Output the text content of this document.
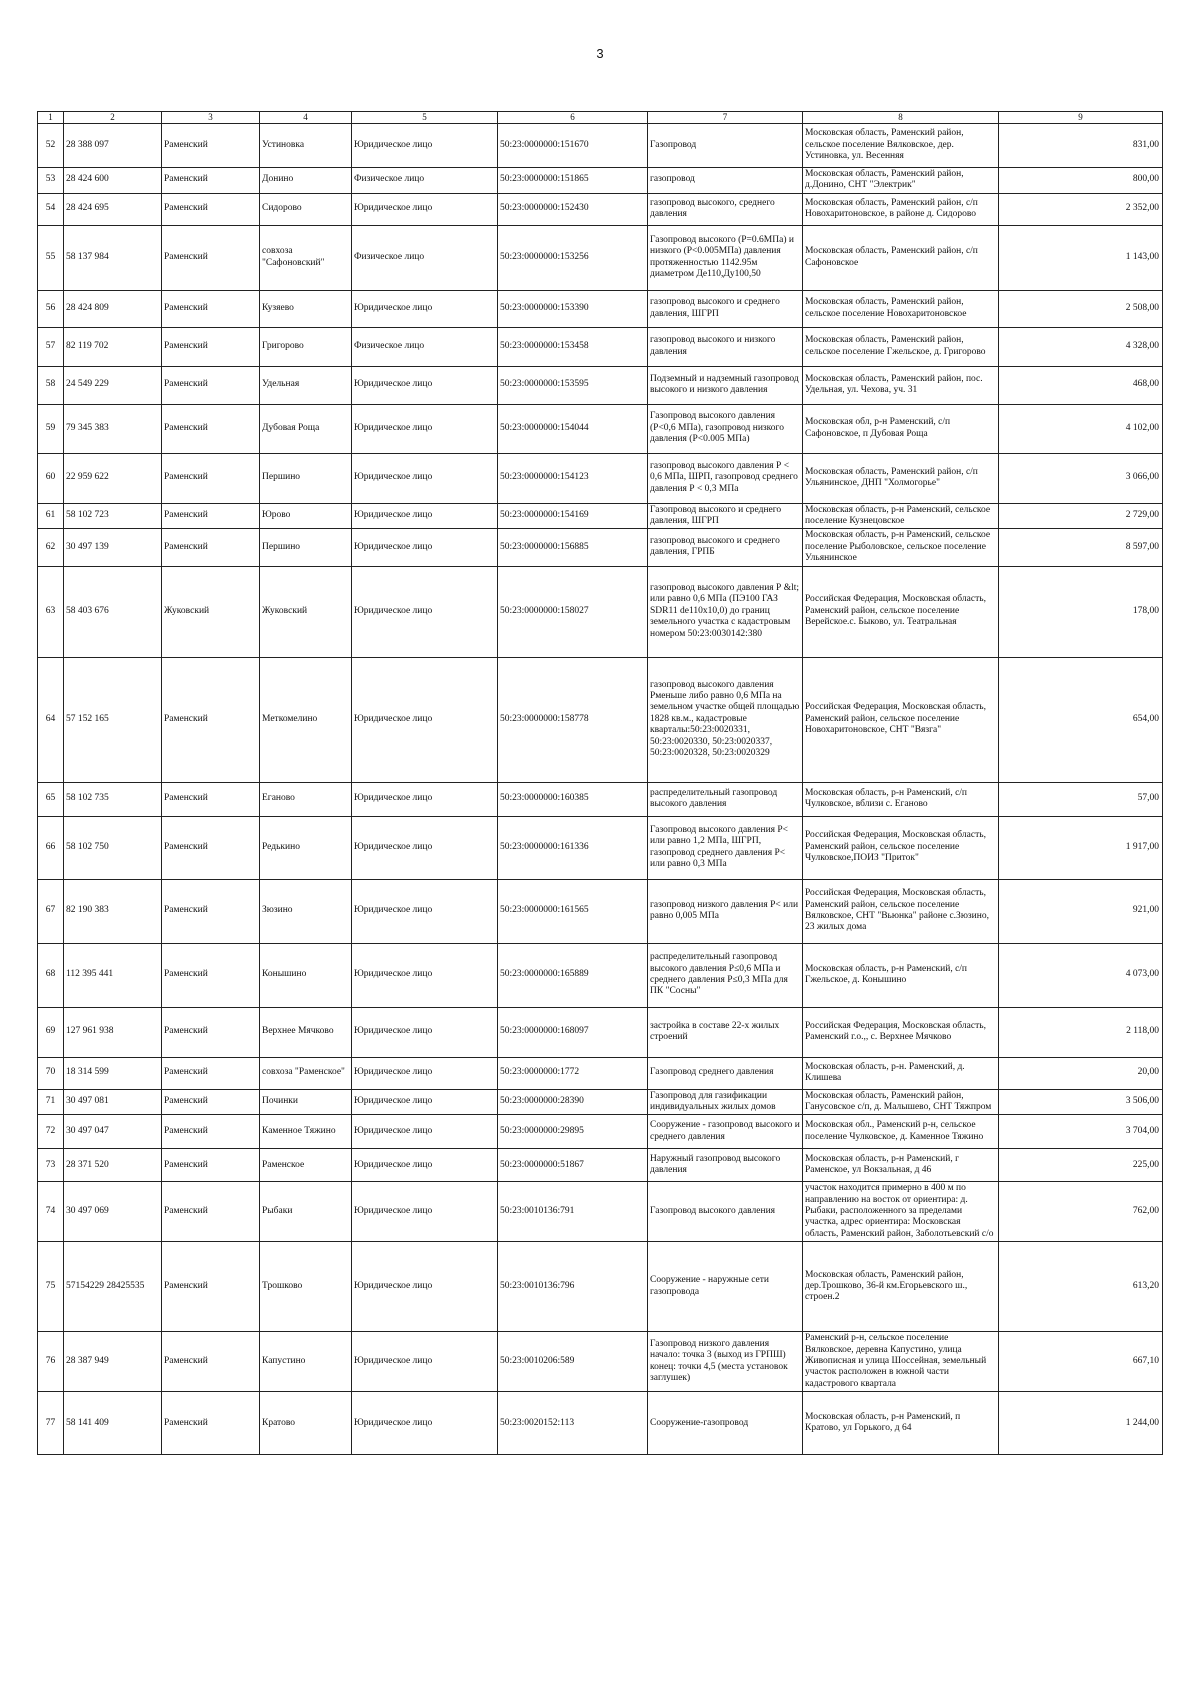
3
1	2	3	4	5	6	7	8	9
52	28 388 097	Раменский	Устиновка	Юридическое лицо	50:23:0000000:151670	Газопровод	Московская область, Раменский район, сельское поселение Вялковское, дер. Устиновка, ул. Весенняя	831,00
53	28 424 600	Раменский	Донино	Физическое лицо	50:23:0000000:151865	газопровод	Московская область, Раменский район, д.Донино, СНТ "Электрик"	800,00
54	28 424 695	Раменский	Сидорово	Юридическое лицо	50:23:0000000:152430	газопровод высокого, среднего давления	Московская область, Раменский район, с/п Новохаритоновское, в районе д. Сидорово	2 352,00
55	58 137 984	Раменский	совхоза "Сафоновский"	Физическое лицо	50:23:0000000:153256	Газопровод высокого (Р=0.6МПа) и низкого (Р<0.005МПа) давления протяженностью 1142.95м диаметром Де110,Ду100,50	Московская область, Раменский район, с/п Сафоновское	1 143,00
56	28 424 809	Раменский	Кузяево	Юридическое лицо	50:23:0000000:153390	газопровод высокого и среднего давления, ШГРП	Московская область, Раменский район, сельское поселение Новохаритоновское	2 508,00
57	82 119 702	Раменский	Григорово	Физическое лицо	50:23:0000000:153458	газопровод высокого и низкого давления	Московская область, Раменский район, сельское поселение Гжельское, д. Григорово	4 328,00
58	24 549 229	Раменский	Удельная	Юридическое лицо	50:23:0000000:153595	Подземный и надземный газопровод высокого и низкого давления	Московская область, Раменский район, пос. Удельная, ул. Чехова, уч. 31	468,00
59	79 345 383	Раменский	Дубовая Роща	Юридическое лицо	50:23:0000000:154044	Газопровод высокого давления (Р<0,6 МПа), газопровод низкого давления (Р<0.005 МПа)	Московская обл, р-н Раменский, с/п Сафоновское, п Дубовая Роща	4 102,00
60	22 959 622	Раменский	Першино	Юридическое лицо	50:23:0000000:154123	газопровод высокого давления Р < 0,6 МПа, ШРП, газопровод среднего давления Р < 0,3 МПа	Московская область, Раменский район, с/п Ульянинское, ДНП "Холмогорье"	3 066,00
61	58 102 723	Раменский	Юрово	Юридическое лицо	50:23:0000000:154169	Газопровод высокого и среднего давления, ШГРП	Московская область, р-н Раменский, сельское поселение Кузнецовское	2 729,00
62	30 497 139	Раменский	Першино	Юридическое лицо	50:23:0000000:156885	газопровод высокого и среднего давления, ГРПБ	Московская область, р-н Раменский, сельское поселение Рыболовское, сельское поселение Ульянинское	8 597,00
63	58 403 676	Жуковский	Жуковский	Юридическое лицо	50:23:0000000:158027	газопровод высокого давления Р &lt; или равно 0,6 МПа (ПЭ100 ГАЗ SDR11 de110x10,0) до границ земельного участка с кадастровым номером 50:23:0030142:380	Российская Федерация, Московская область, Раменский район, сельское поселение Верейское.с. Быково, ул. Театральная	178,00
64	57 152 165	Раменский	Меткомелино	Юридическое лицо	50:23:0000000:158778	газопровод высокого давления Рменьше либо равно 0,6 МПа на земельном участке общей площадью 1828 кв.м., кадастровые кварталы:50:23:0020331, 50:23:0020330, 50:23:0020337, 50:23:0020328, 50:23:0020329	Российская Федерация, Московская область, Раменский район, сельское поселение Новохаритоновское, СНТ "Вязга"	654,00
65	58 102 735	Раменский	Еганово	Юридическое лицо	50:23:0000000:160385	распределительный газопровод высокого давления	Московская область, р-н Раменский, с/п Чулковское, вблизи с. Еганово	57,00
66	58 102 750	Раменский	Редькино	Юридическое лицо	50:23:0000000:161336	Газопровод высокого давления Р< или равно 1,2 МПа, ШГРП, газопровод среднего давления Р< или равно 0,3 МПа	Российская Федерация, Московская область, Раменский район, сельское поселение Чулковское,ПОИЗ "Приток"	1 917,00
67	82 190 383	Раменский	Зюзино	Юридическое лицо	50:23:0000000:161565	газопровод низкого давления Р< или равно 0,005 МПа	Российская Федерация, Московская область, Раменский район, сельское поселение Вялковское, СНТ "Вьюнка" районе с.Зюзино, 23 жилых дома	921,00
68	112 395 441	Раменский	Конышино	Юридическое лицо	50:23:0000000:165889	распределительный газопровод высокого давления Р≤0,6 МПа и среднего давления Р≤0,3 МПа для ПК "Сосны"	Московская область, р-н Раменский, с/п Гжельское, д. Конышино	4 073,00
69	127 961 938	Раменский	Верхнее Мячково	Юридическое лицо	50:23:0000000:168097	застройка в составе 22-х жилых строений	Российская Федерация, Московская область, Раменский г.о.,, с. Верхнее Мячково	2 118,00
70	18 314 599	Раменский	совхоза "Раменское"	Юридическое лицо	50:23:0000000:1772	Газопровод среднего давления	Московская область, р-н. Раменский, д. Клишева	20,00
71	30 497 081	Раменский	Починки	Юридическое лицо	50:23:0000000:28390	Газопровод для газификации индивидуальных жилых домов	Московская область, Раменский район, Ганусовское с/п, д. Малышево, СНТ Тяжпром	3 506,00
72	30 497 047	Раменский	Каменное Тяжино	Юридическое лицо	50:23:0000000:29895	Сооружение - газопровод высокого и среднего давления	Московская обл., Раменский р-н, сельское поселение Чулковское, д. Каменное Тяжино	3 704,00
73	28 371 520	Раменский	Раменское	Юридическое лицо	50:23:0000000:51867	Наружный газопровод высокого давления	Московская область, р-н Раменский, г Раменское, ул Вокзальная, д 46	225,00
74	30 497 069	Раменский	Рыбаки	Юридическое лицо	50:23:0010136:791	Газопровод высокого давления	участок находится примерно в 400 м по направлению на восток от ориентира: д. Рыбаки, расположенного за пределами участка, адрес ориентира: Московская область, Раменский район, Заболотьевский с/о	762,00
75	57154229 28425535	Раменский	Трошково	Юридическое лицо	50:23:0010136:796	Сооружение - наружные сети газопровода	Московская область, Раменский район, дер.Трошково, 36-й км.Егорьевского ш., строен.2	613,20
76	28 387 949	Раменский	Капустино	Юридическое лицо	50:23:0010206:589	Газопровод низкого давления начало: точка 3 (выход из ГРПШ) конец: точки 4,5 (места установок заглушек)	Раменский р-н, сельское поселение Вялковское, деревна Капустино, улица Живописная и улица Шоссейная, земельный участок расположен в южной части кадастрового квартала	667,10
77	58 141 409	Раменский	Кратово	Юридическое лицо	50:23:0020152:113	Сооружение-газопровод	Московская область, р-н Раменский, п Кратово, ул Горького, д 64	1 244,00
